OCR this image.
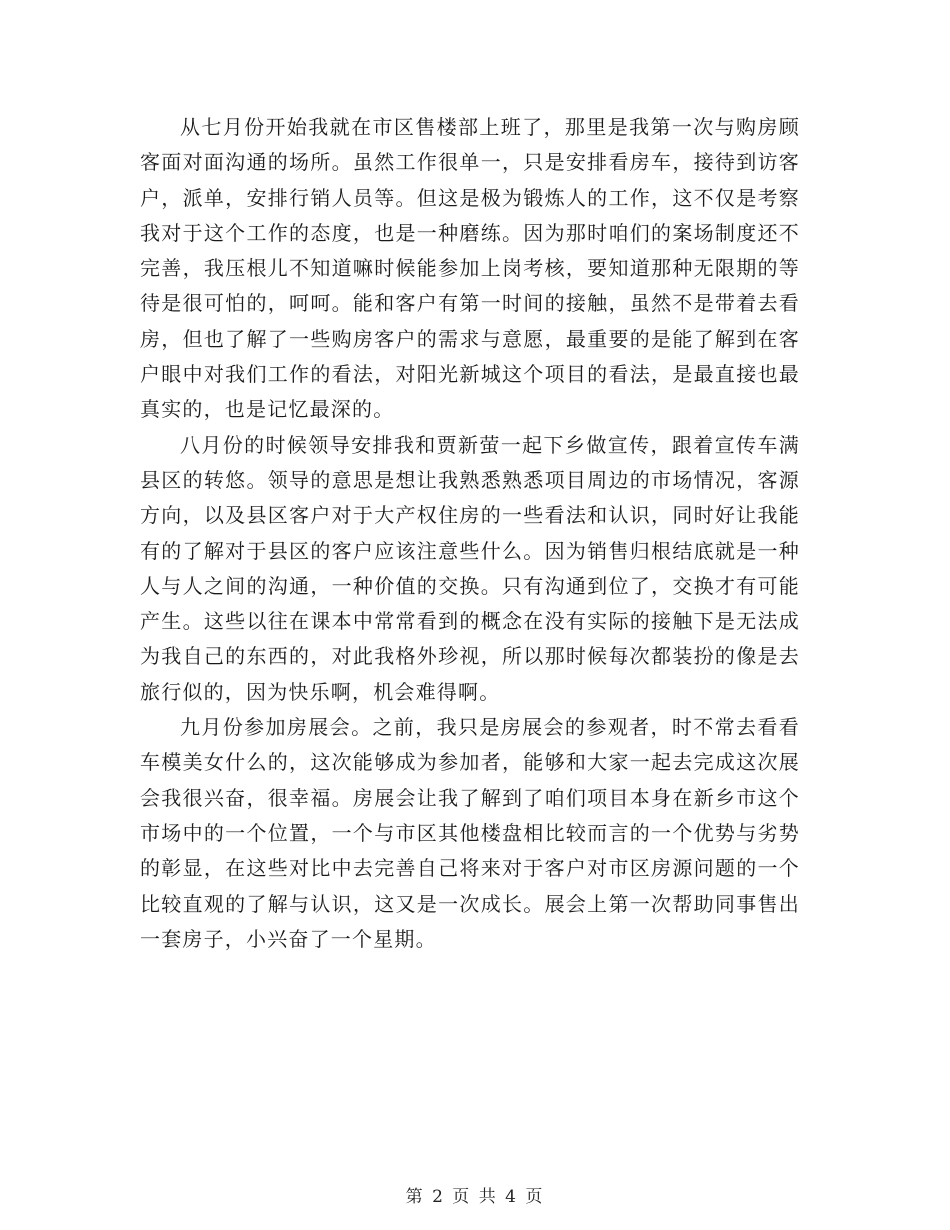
从七月份开始我就在市区售楼部上班了，那里是我第一次与购房顾客面对面沟通的场所。虽然工作很单一，只是安排看房车，接待到访客户，派单，安排行销人员等。但这是极为锻炼人的工作，这不仅是考察我对于这个工作的态度，也是一种磨练。因为那时咱们的案场制度还不完善，我压根儿不知道嘛时候能参加上岗考核，要知道那种无限期的等待是很可怕的，呵呵。能和客户有第一时间的接触，虽然不是带着去看房，但也了解了一些购房客户的需求与意愿，最重要的是能了解到在客户眼中对我们工作的看法，对阳光新城这个项目的看法，是最直接也最真实的，也是记忆最深的。

八月份的时候领导安排我和贾新萤一起下乡做宣传，跟着宣传车满县区的转悠。领导的意思是想让我熟悉熟悉项目周边的市场情况，客源方向，以及县区客户对于大产权住房的一些看法和认识，同时好让我能有的了解对于县区的客户应该注意些什么。因为销售归根结底就是一种人与人之间的沟通，一种价值的交换。只有沟通到位了，交换才有可能产生。这些以往在课本中常常看到的概念在没有实际的接触下是无法成为我自己的东西的，对此我格外珍视，所以那时候每次都装扮的像是去旅行似的，因为快乐啊，机会难得啊。

九月份参加房展会。之前，我只是房展会的参观者，时不常去看看车模美女什么的，这次能够成为参加者，能够和大家一起去完成这次展会我很兴奋，很幸福。房展会让我了解到了咱们项目本身在新乡市这个市场中的一个位置，一个与市区其他楼盘相比较而言的一个优势与劣势的彰显，在这些对比中去完善自己将来对于客户对市区房源问题的一个比较直观的了解与认识，这又是一次成长。展会上第一次帮助同事售出一套房子，小兴奋了一个星期。

第 2 页 共 4 页
